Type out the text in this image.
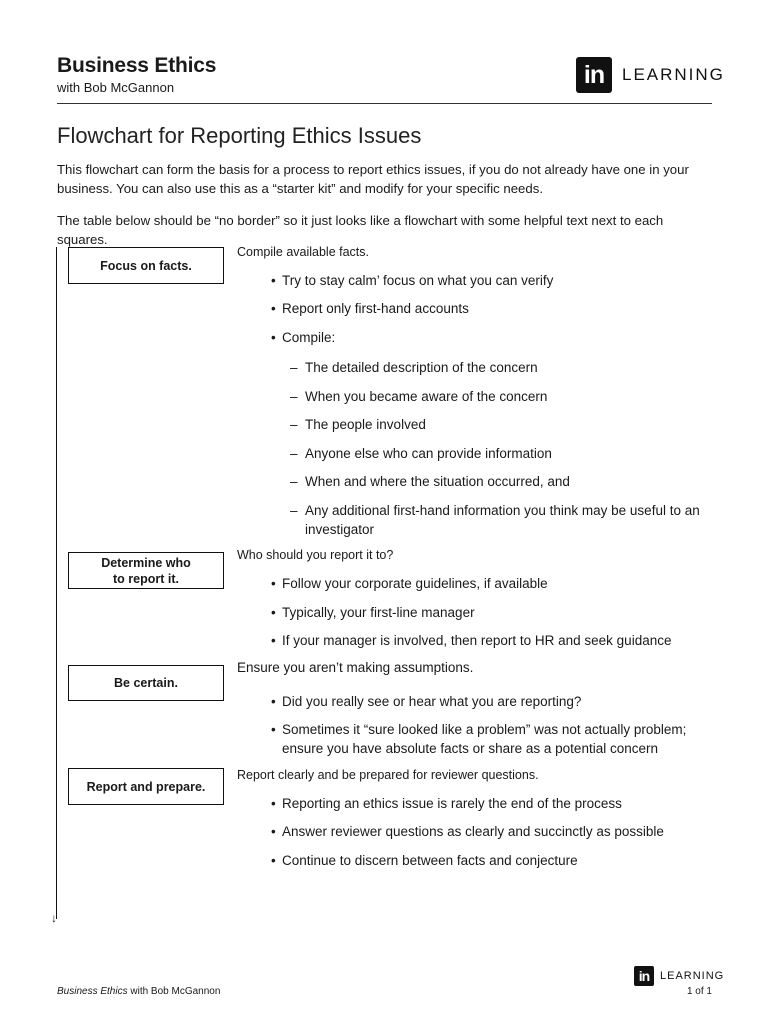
Business Ethics
with Bob McGannon	in	LEARNING
Flowchart for Reporting Ethics Issues

This flowchart can form the basis for a process to report ethics issues, if you do not already have one in your business. You can also use this as a “starter kit” and modify for your specific needs.

The table below should be “no border” so it just looks like a flowchart with some helpful text next to each squares.

↓
Focus on facts.
Compile available facts.
• Try to stay calm’ focus on what you can verify
• Report only first-hand accounts
• Compile:
– The detailed description of the concern
– When you became aware of the concern
– The people involved
– Anyone else who can provide information
– When and where the situation occurred, and
– Any additional first-hand information you think may be useful to an investigator
Determine who
to report it.
Who should you report it to?
• Follow your corporate guidelines, if available
• Typically, your first-line manager
• If your manager is involved, then report to HR and seek guidance
Be certain.
Ensure you aren’t making assumptions.
• Did you really see or hear what you are reporting?
• Sometimes it “sure looked like a problem” was not actually problem; ensure you have absolute facts or share as a potential concern
Report and prepare.
Report clearly and be prepared for reviewer questions.
• Reporting an ethics issue is rarely the end of the process
• Answer reviewer questions as clearly and succinctly as possible
• Continue to discern between facts and conjecture
in LEARNING
Business Ethics with Bob McGannon	1 of 1
